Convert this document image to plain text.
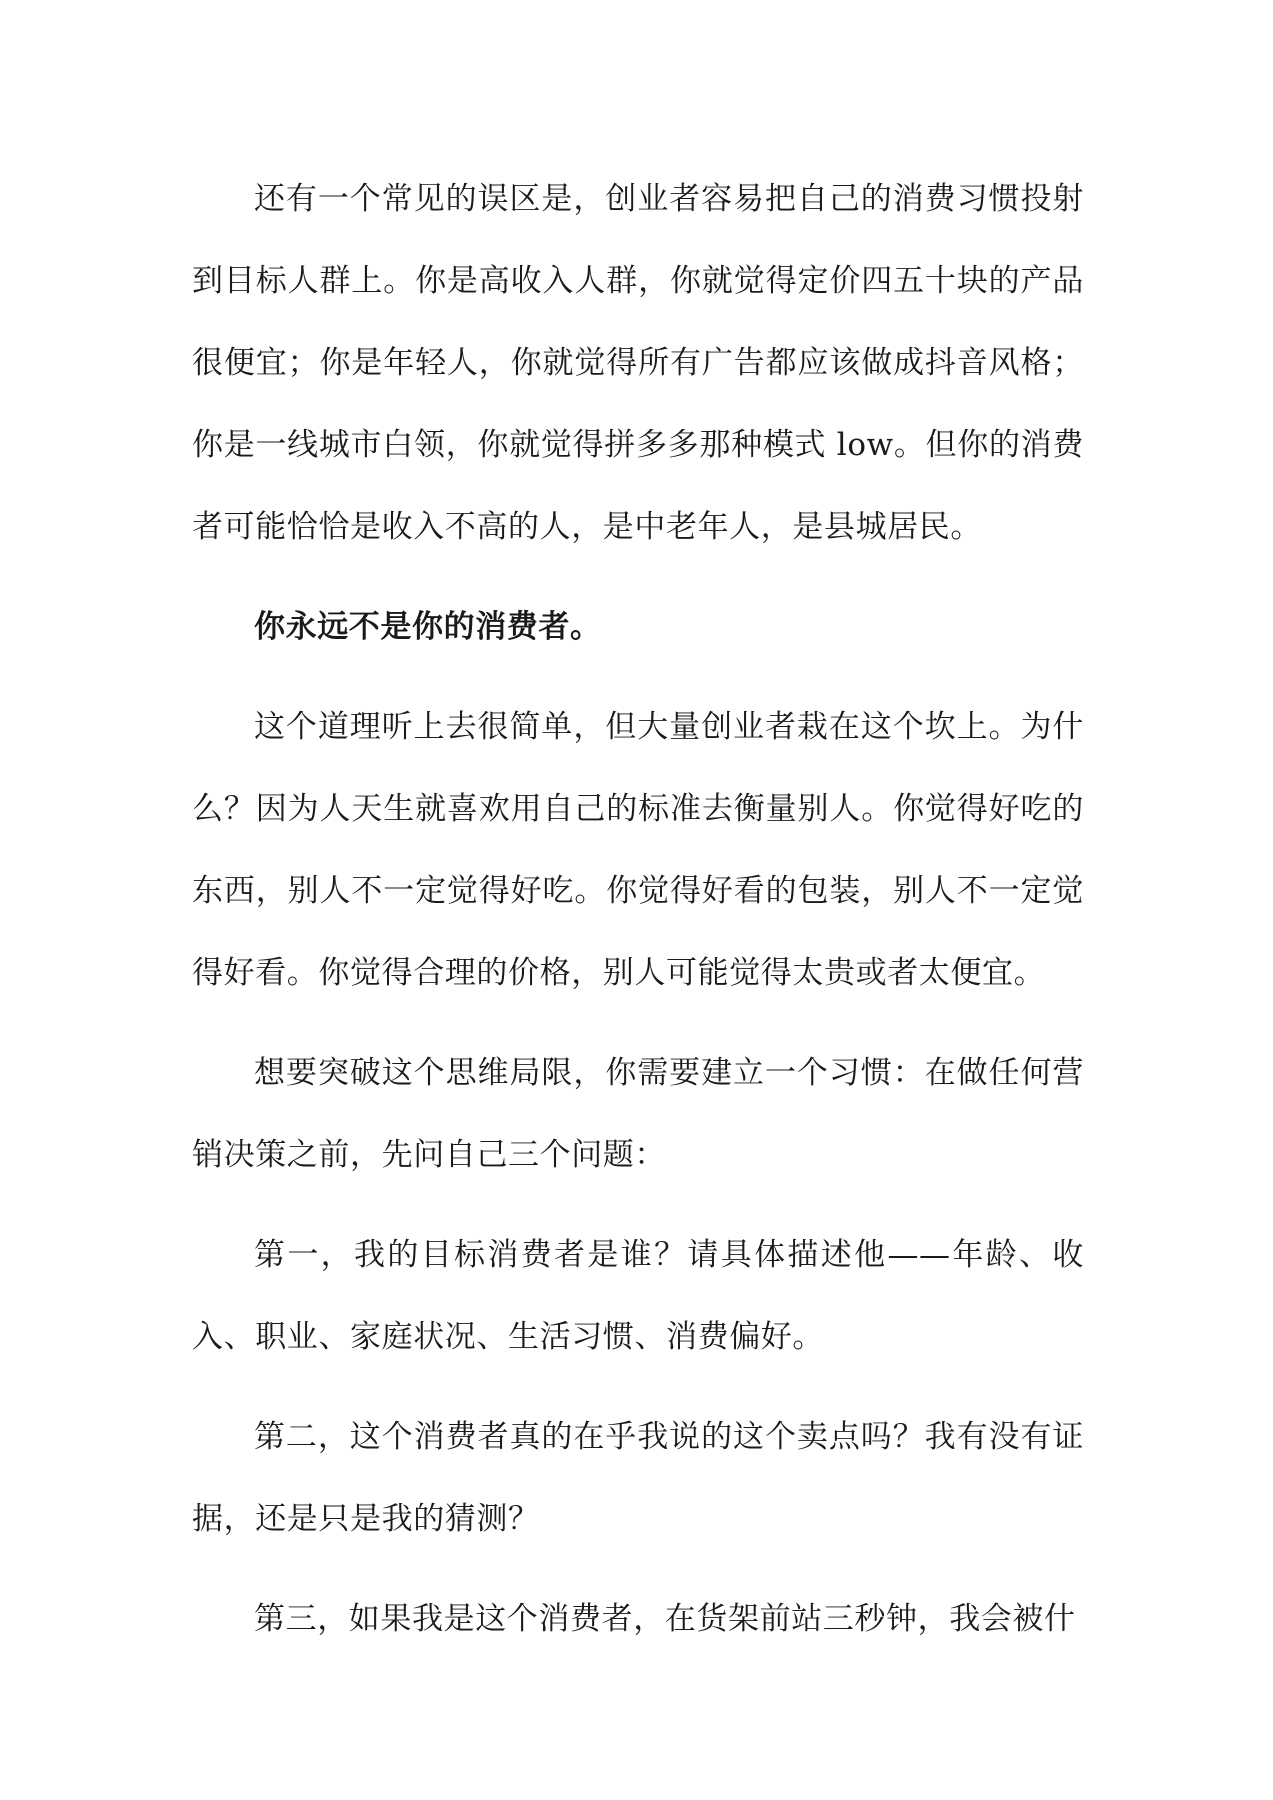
还有一个常见的误区是，创业者容易把自己的消费习惯投射到目标人群上。你是高收入人群，你就觉得定价四五十块的产品很便宜；你是年轻人，你就觉得所有广告都应该做成抖音风格；你是一线城市白领，你就觉得拼多多那种模式 low。但你的消费者可能恰恰是收入不高的人，是中老年人，是县城居民。

你永远不是你的消费者。

这个道理听上去很简单，但大量创业者栽在这个坎上。为什么？因为人天生就喜欢用自己的标准去衡量别人。你觉得好吃的东西，别人不一定觉得好吃。你觉得好看的包装，别人不一定觉得好看。你觉得合理的价格，别人可能觉得太贵或者太便宜。

想要突破这个思维局限，你需要建立一个习惯：在做任何营销决策之前，先问自己三个问题：

第一，我的目标消费者是谁？请具体描述他——年龄、收入、职业、家庭状况、生活习惯、消费偏好。

第二，这个消费者真的在乎我说的这个卖点吗？我有没有证据，还是只是我的猜测？

第三，如果我是这个消费者，在货架前站三秒钟，我会被什
